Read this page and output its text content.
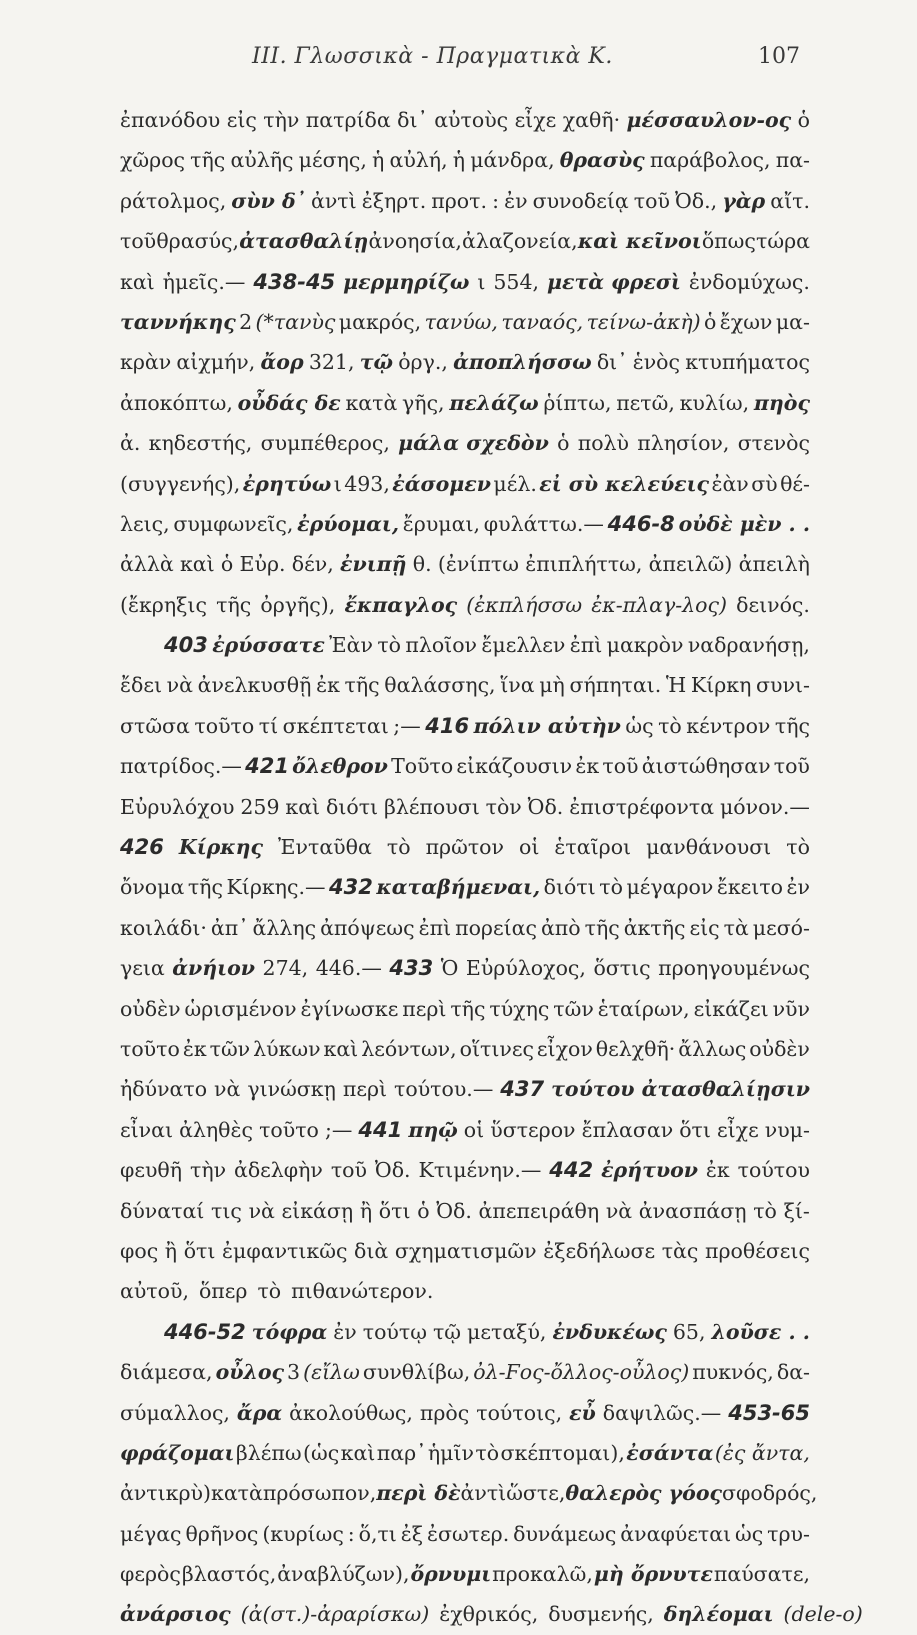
III. Γλωσσικὰ - Πραγματικὰ Κ.	107
ἐπανόδου εἰς τὴν πατρίδα δι᾽ αὐτοὺς εἶχε χαθῆ· μέσσαυλον-ος ὁ
χῶρος τῆς αὐλῆς μέσης, ἡ αὐλή, ἡ μάνδρα, θρασὺς παράβολος, πα-
ράτολμος, σὺν δ᾽ ἀντὶ ἐξηρτ. προτ. : ἐν συνοδείᾳ τοῦ Ὀδ., γὰρ αἴτ.
τοῦ θρασύς, ἀτασθαλίῃ ἀνοησία, ἀλαζονεία, καὶ κεῖνοι ὅπως τώρα
καὶ ἡμεῖς.— 438-45 μερμηρίζω ι 554, μετὰ φρεσὶ ἐνδομύχως.
ταννήκης 2 (*τανὺς μακρός, τανύω, ταναός, τείνω-ἀκὴ) ὁ ἔχων μα-
κρὰν αἰχμήν, ἄορ 321, τῷ ὀργ., ἀποπλήσσω δι᾽ ἑνὸς κτυπήματος
ἀποκόπτω, οὖδάς δε κατὰ γῆς, πελάζω ῥίπτω, πετῶ, κυλίω, πηὸς
ἀ. κηδεστής, συμπέθερος, μάλα σχεδὸν ὁ πολὺ πλησίον, στενὸς
(συγγενής), ἐρητύω ι 493, ἐάσομεν μέλ. εἰ σὺ κελεύεις ἐὰν σὺ θέ-
λεις, συμφωνεῖς, ἐρύομαι, ἔρυμαι, φυλάττω.— 446-8 οὐδὲ μὲν . .
ἀλλὰ καὶ ὁ Εὐρ. δέν, ἐνιπῇ θ. (ἐνίπτω ἐπιπλήττω, ἀπειλῶ) ἀπειλὴ
(ἔκρηξις τῆς ὀργῆς), ἔκπαγλος (ἐκπλήσσω ἐκ-πλαγ-λος) δεινός.
403 ἐρύσσατε Ἐὰν τὸ πλοῖον ἔμελλεν ἐπὶ μακρὸν ναδρανήσῃ,
ἔδει νὰ ἀνελκυσθῇ ἐκ τῆς θαλάσσης, ἵνα μὴ σήπηται. Ἡ Κίρκη συνι-
στῶσα τοῦτο τί σκέπτεται ;— 416 πόλιν αὐτὴν ὡς τὸ κέντρον τῆς
πατρίδος.— 421 ὄλεθρον Τοῦτο εἰκάζουσιν ἐκ τοῦ ἀιστώθησαν τοῦ
Εὐρυλόχου 259 καὶ διότι βλέπουσι τὸν Ὀδ. ἐπιστρέφοντα μόνον.—
426 Κίρκης Ἐνταῦθα τὸ πρῶτον οἱ ἑταῖροι μανθάνουσι τὸ
ὄνομα τῆς Κίρκης.— 432 καταβήμεναι, διότι τὸ μέγαρον ἔκειτο ἐν
κοιλάδι· ἀπ᾽ ἄλλης ἀπόψεως ἐπὶ πορείας ἀπὸ τῆς ἀκτῆς εἰς τὰ μεσό-
γεια ἀνήιον 274, 446.— 433 Ὁ Εὐρύλοχος, ὅστις προηγουμένως
οὐδὲν ὡρισμένον ἐγίνωσκε περὶ τῆς τύχης τῶν ἑταίρων, εἰκάζει νῦν
τοῦτο ἐκ τῶν λύκων καὶ λεόντων, οἵτινες εἶχον θελχθῆ· ἄλλως οὐδὲν
ἠδύνατο νὰ γινώσκῃ περὶ τούτου.— 437 τούτου ἀτασθαλίῃσιν
εἶναι ἀληθὲς τοῦτο ;— 441 πηῷ οἱ ὕστερον ἔπλασαν ὅτι εἶχε νυμ-
φευθῆ τὴν ἀδελφὴν τοῦ Ὀδ. Κτιμένην.— 442 ἐρήτυον ἐκ τούτου
δύναταί τις νὰ εἰκάσῃ ἢ ὅτι ὁ Ὀδ. ἀπεπειράθη νὰ ἀνασπάσῃ τὸ ξί-
φος ἢ ὅτι ἐμφαντικῶς διὰ σχηματισμῶν ἐξεδήλωσε τὰς προθέσεις
αὐτοῦ, ὅπερ τὸ πιθανώτερον.
446-52 τόφρα ἐν τούτῳ τῷ μεταξύ, ἐνδυκέως 65, λοῦσε . .
διάμεσα, οὖλος 3 (εἴλω συνθλίβω, ὀλ-Ϝος-ὄλλος-οὖλος) πυκνός, δα-
σύμαλλος, ἄρα ἀκολούθως, πρὸς τούτοις, εὖ δαψιλῶς.— 453-65
φράζομαι βλέπω (ὡς καὶ παρ᾽ ἡμῖν τὸ σκέπτομαι), ἐσάντα (ἐς ἄντα,
ἀντικρὺ) κατὰ πρόσωπον, περὶ δὲ ἀντὶ ὥστε, θαλερὸς γόος σφοδρός,
μέγας θρῆνος (κυρίως : ὅ,τι ἐξ ἐσωτερ. δυνάμεως ἀναφύεται ὡς τρυ-
φερὸς βλαστός, ἀναβλύζων), ὄρνυμι προκαλῶ, μὴ ὄρνυτε παύσατε,
ἀνάρσιος (ἀ(στ.)-ἀραρίσκω) ἐχθρικός, δυσμενής, δηλέομαι (dele-o)
